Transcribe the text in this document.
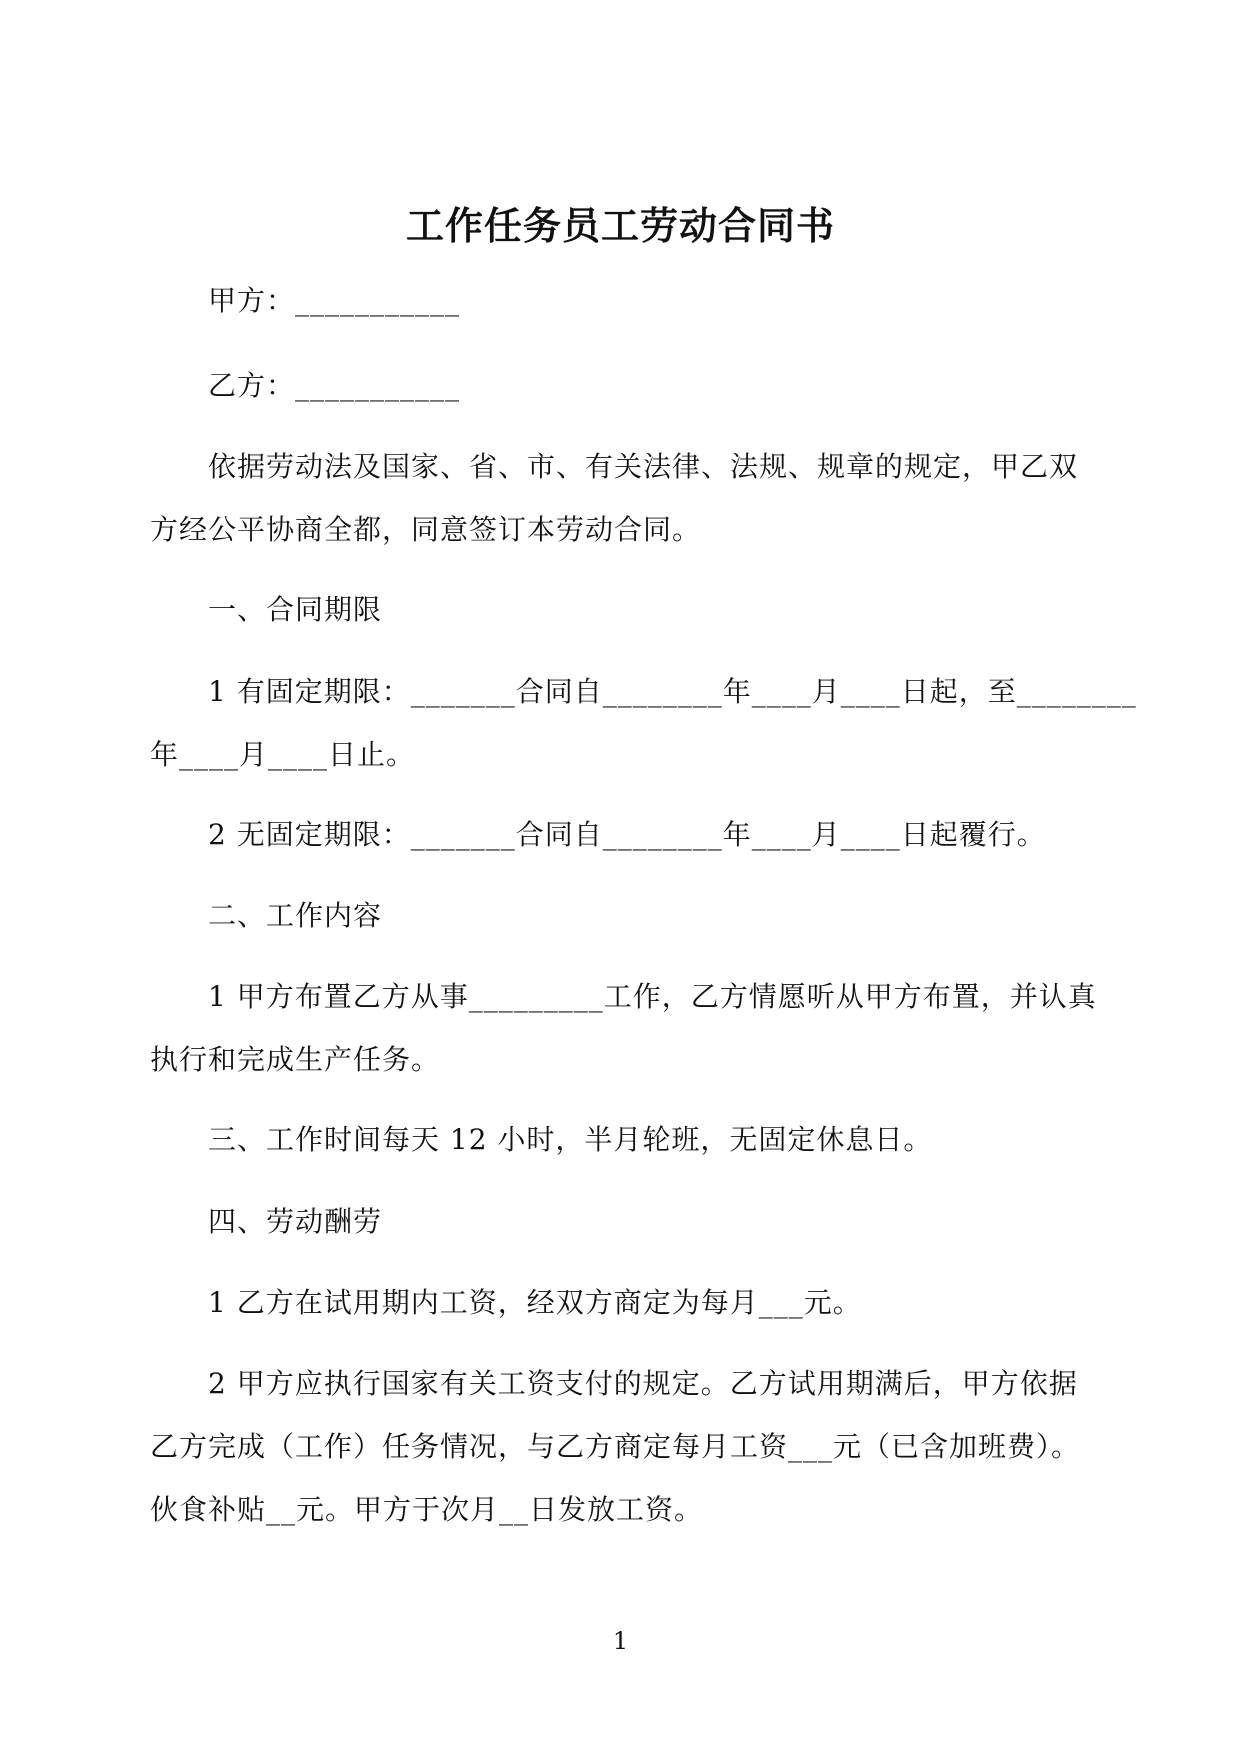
工作任务员工劳动合同书
甲方：___________
乙方：___________
依据劳动法及国家、省、市、有关法律、法规、规章的规定，甲乙双
方经公平协商全都，同意签订本劳动合同。
一、合同期限
1 有固定期限：_______合同自________年____月____日起，至________
年____月____日止。
2 无固定期限：_______合同自________年____月____日起覆行。
二、工作内容
1 甲方布置乙方从事_________工作，乙方情愿听从甲方布置，并认真
执行和完成生产任务。
三、工作时间每天 12 小时，半月轮班，无固定休息日。
四、劳动酬劳
1 乙方在试用期内工资，经双方商定为每月___元。
2 甲方应执行国家有关工资支付的规定。乙方试用期满后，甲方依据
乙方完成（工作）任务情况，与乙方商定每月工资___元（已含加班费）。
伙食补贴__元。甲方于次月__日发放工资。
1
